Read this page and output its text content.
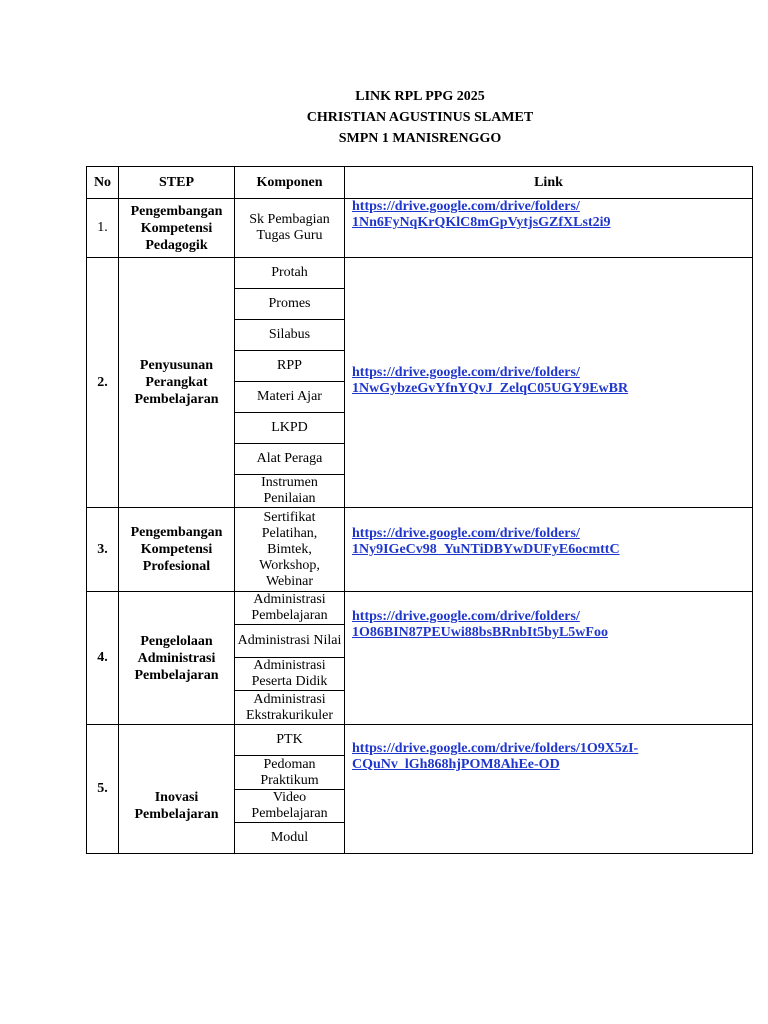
LINK RPL PPG 2025
CHRISTIAN AGUSTINUS SLAMET
SMPN 1 MANISRENGGO
No	STEP	Komponen	Link
1.	Pengembangan Kompetensi Pedagogik	Sk Pembagian Tugas Guru	https://drive.google.com/drive/folders/
1Nn6FyNqKrQKlC8mGpVytjsGZfXLst2i9

2.	Penyusunan Perangkat Pembelajaran	Protah	https://drive.google.com/drive/folders/
1NwGybzeGvYfnYQvJ_ZelqC05UGY9EwBR

		Promes	
		Silabus	
		RPP	
		Materi Ajar	
		LKPD	
		Alat Peraga	
		Instrumen Penilaian	
3.	Pengembangan Kompetensi Profesional	Sertifikat Pelatihan, Bimtek, Workshop, Webinar	https://drive.google.com/drive/folders/
1Ny9IGeCv98_YuNTiDBYwDUFyE6ocmttC

4.	Pengelolaan Administrasi Pembelajaran	Administrasi Pembelajaran	https://drive.google.com/drive/folders/
1O86BIN87PEUwi88bsBRnbIt5byL5wFoo

		Administrasi Nilai	
		Administrasi Peserta Didik	
		Administrasi Ekstrakurikuler	
5.	Inovasi Pembelajaran	PTK	https://drive.google.com/drive/folders/1O9X5zI-
CQuNv_lGh868hjPOM8AhEe-OD

		Pedoman Praktikum	
		Video Pembelajaran	
		Modul	
